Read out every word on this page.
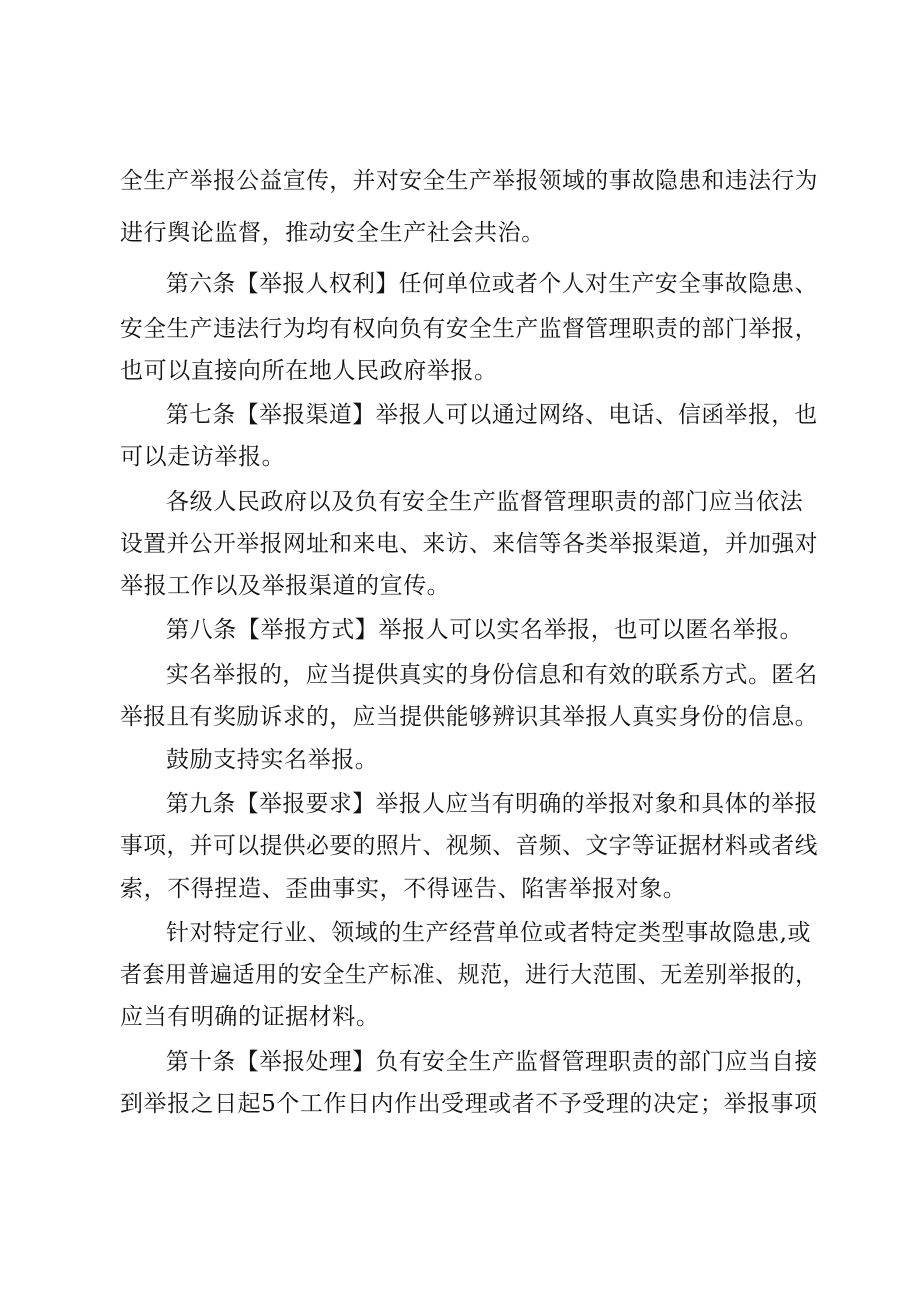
全生产举报公益宣传，并对安全生产举报领域的事故隐患和违法行为
进行舆论监督，推动安全生产社会共治。
第六条【举报人权利】任何单位或者个人对生产安全事故隐患、
安全生产违法行为均有权向负有安全生产监督管理职责的部门举报，
也可以直接向所在地人民政府举报。
第七条【举报渠道】举报人可以通过网络、电话、信函举报，也
可以走访举报。
各级人民政府以及负有安全生产监督管理职责的部门应当依法
设置并公开举报网址和来电、来访、来信等各类举报渠道，并加强对
举报工作以及举报渠道的宣传。
第八条【举报方式】举报人可以实名举报，也可以匿名举报。
实名举报的，应当提供真实的身份信息和有效的联系方式。匿名
举报且有奖励诉求的，应当提供能够辨识其举报人真实身份的信息。
鼓励支持实名举报。
第九条【举报要求】举报人应当有明确的举报对象和具体的举报
事项，并可以提供必要的照片、视频、音频、文字等证据材料或者线
索，不得捏造、歪曲事实，不得诬告、陷害举报对象。
针对特定行业、领域的生产经营单位或者特定类型事故隐患,或
者套用普遍适用的安全生产标准、规范，进行大范围、无差别举报的，
应当有明确的证据材料。
第十条【举报处理】负有安全生产监督管理职责的部门应当自接
到举报之日起5个工作日内作出受理或者不予受理的决定；举报事项
